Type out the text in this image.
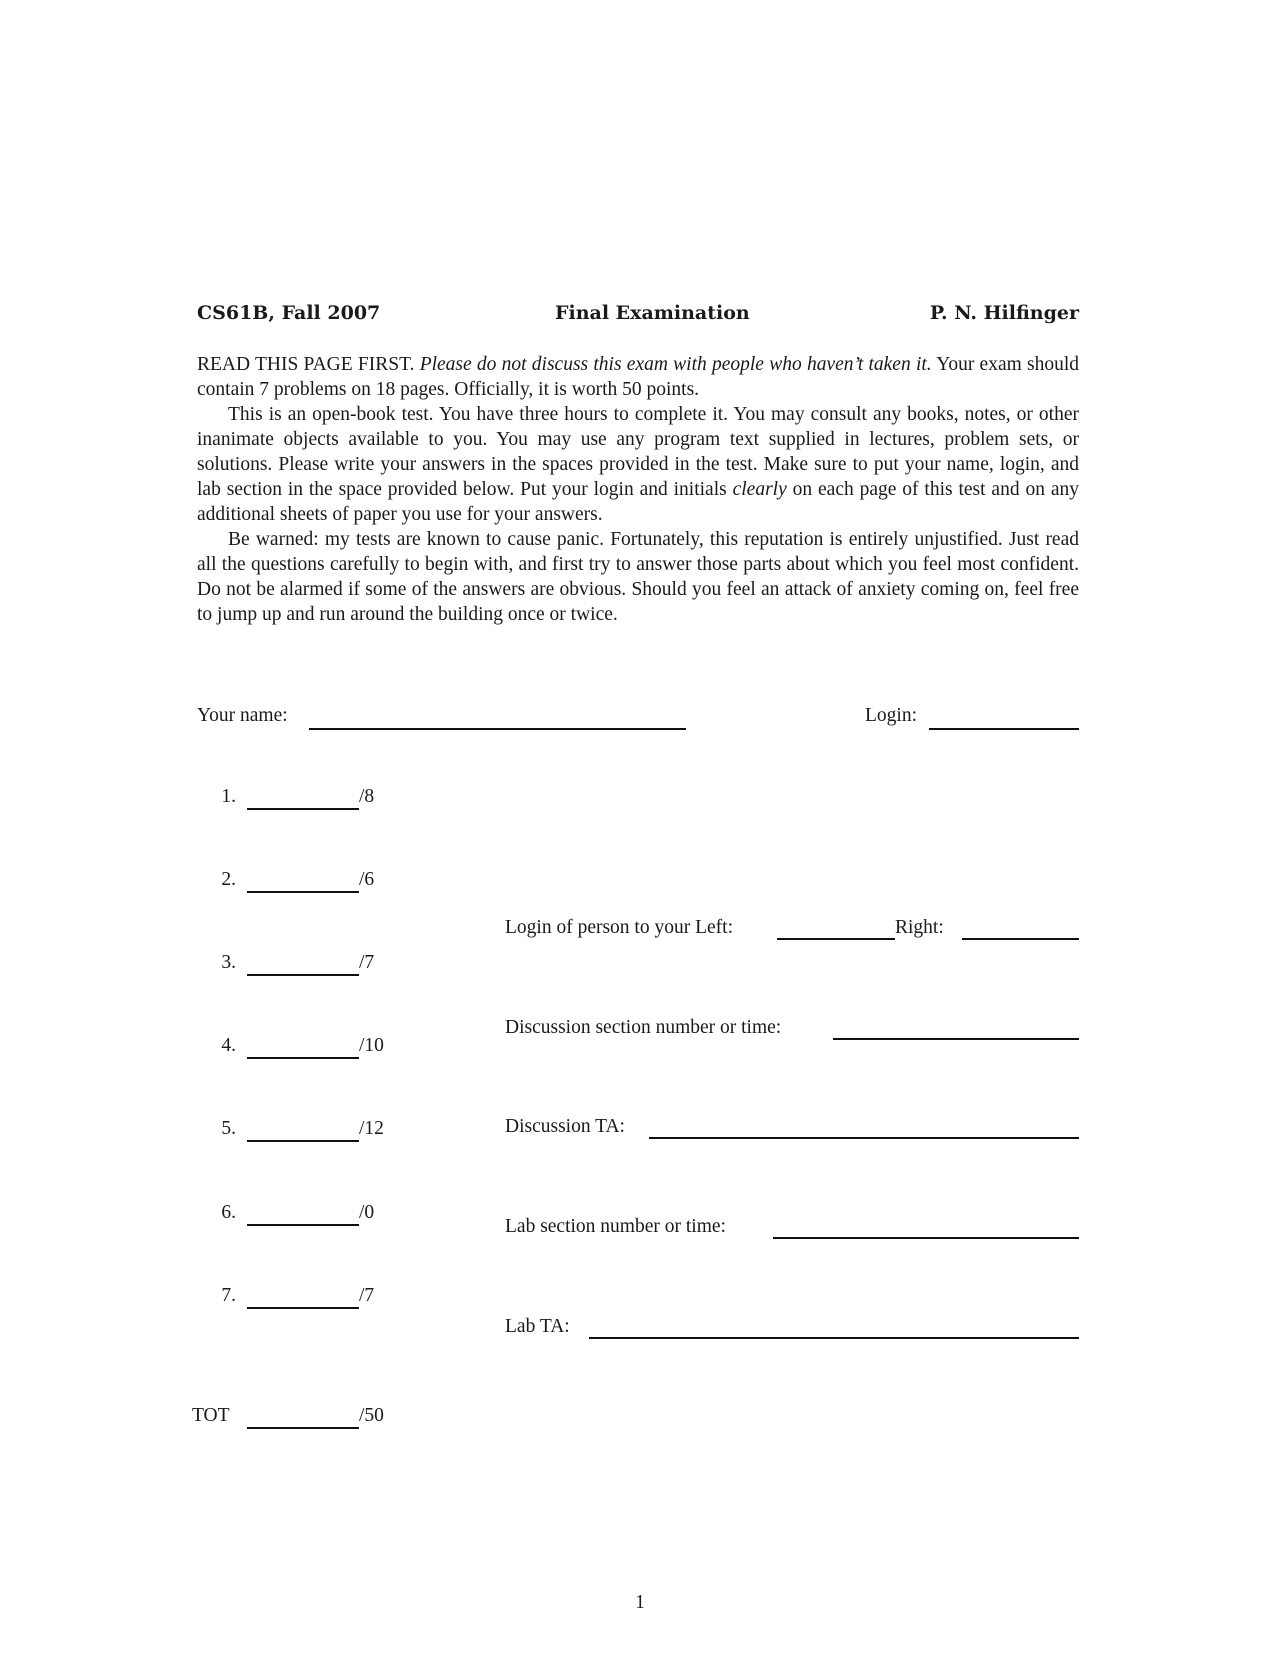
CS61B, Fall 2007	Final Examination	P. N. Hilfinger

READ THIS PAGE FIRST. Please do not discuss this exam with people who haven’t taken it. Your exam should contain 7 problems on 18 pages. Officially, it is worth 50 points.

This is an open-book test. You have three hours to complete it. You may consult any books, notes, or other inanimate objects available to you. You may use any program text supplied in lectures, problem sets, or solutions. Please write your answers in the spaces provided in the test. Make sure to put your name, login, and lab section in the space provided below. Put your login and initials clearly on each page of this test and on any additional sheets of paper you use for your answers.

Be warned: my tests are known to cause panic. Fortunately, this reputation is entirely unjustified. Just read all the questions carefully to begin with, and first try to answer those parts about which you feel most confident. Do not be alarmed if some of the answers are obvious. Should you feel an attack of anxiety coming on, feel free to jump up and run around the building once or twice.

Your name:	Login:
1.	/8
2.	/6
3.	/7
4.	/10
5.	/12
6.	/0
7.	/7
TOT	/50
Login of person to your Left:	Right:
Discussion section number or time:
Discussion TA:
Lab section number or time:
Lab TA:
1
